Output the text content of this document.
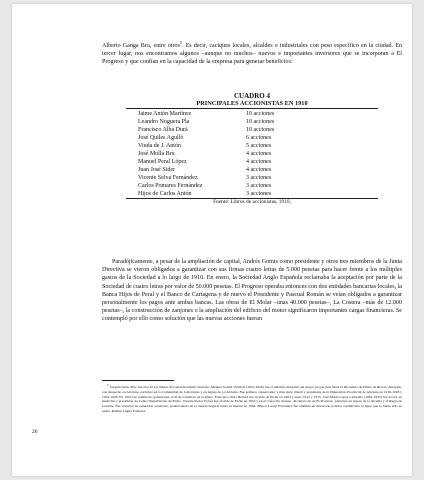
Alberto Ganga Bru, entre otros$^5$. Es decir, caciques locales, alcaldes o industriales con peso específico en la ciudad. En tercer lugar, nos encontramos algunos –aunque no muchos– nuevos e importantes inversores que se incorporan a El Progreso y que confían en la capacidad de la empresa para generar beneficios:

CUADRO 4

PRINCIPALES ACCIONISTAS EN 1910

Jaime Antón Martínez	10 acciones
Leandro Noguera Pla	10 acciones
Francisco Alba Durá	10 acciones
José Quiles Agulló	6 acciones
Viuda de J. Antón	5 acciones
José Mollá Bru	4 acciones
Manuel Peral López	4 acciones
Juan José Sider	4 acciones
Vicente Selva Fernández	3 acciones
Carlos Pomares Fernández	3 acciones
Hijos de Carlos Antón	3 acciones

Fuente: Libros de accionistas, 1910.

Paradójicamente, a pesar de la ampliación de capital, Andrés Gomis como presidente y otros tres miembros de la Junta Directiva se vieron obligados a garantizar con sus firmas cuatro letras de 5.000 pesetas para hacer frente a los múltiples gastos de la Sociedad a lo largo de 1910. En enero, la Sociedad Anglo Española reclamaba la aceptación por parte de la Sociedad de cuatro letras por valor de 50.000 pesetas. El Progreso operaba entonces con dos entidades bancarias locales, la Banca Hijos de Peral y el Banco de Cartagena y de nuevo el Presidente y Pascual Román se veían obligados a garantizar personalmente los pagos ante ambas bancas. Las obras de El Molar –unas 40.000 pesetas–, La Costera –más de 12.000 pesetas–, la construcción de zanjones o la ampliación del edificio del motor significaron importantes cargas financieras. Se contempló por ello como solución que las nuevas acciones fueran

$^5$ Joaquín Santo Bru: fue uno de los líderes del republicanismo ilicitano, Manuel Gomiz Valdivia (1872-1926) fue el máximo dirigente del mayor proyección hasta la Dictadura de Primo de Rivera. Abogado, con despacho en Alicante, participó en la Comunidad de Labradores y en Aguas de La Alcudia. Fue primero conservador y más tarde liberal y presidente de la Diputación Provincial de Alicante en 1916-1918 y 1919-1920. En 1922 fue nombrado gobernador civil de Castellón de la Plana. Francisco Ortiz Bernad fue alcalde de Elche en 1904 y entre 1912 y 1915. José María López Campello (1861-1935) fue doctor en medicina y presidente de Centro Republicano de Elche. Vicente Pastor Ferrer fue alcalde de Elche en 1919 y en el conocido Ateneo. Alcantara de en El Progreso, participó en Aguas de la Alcudia y el Riego de Levante. Fue concejal en reiteradas ocasiones, promoviendo en la ciudad llegaría hasta su muerte en 1944. Blasco Lacart Ferrández fue también un destacado político republicano al igual que lo había sido su padre, Ramón Lagier Pomares.

26
